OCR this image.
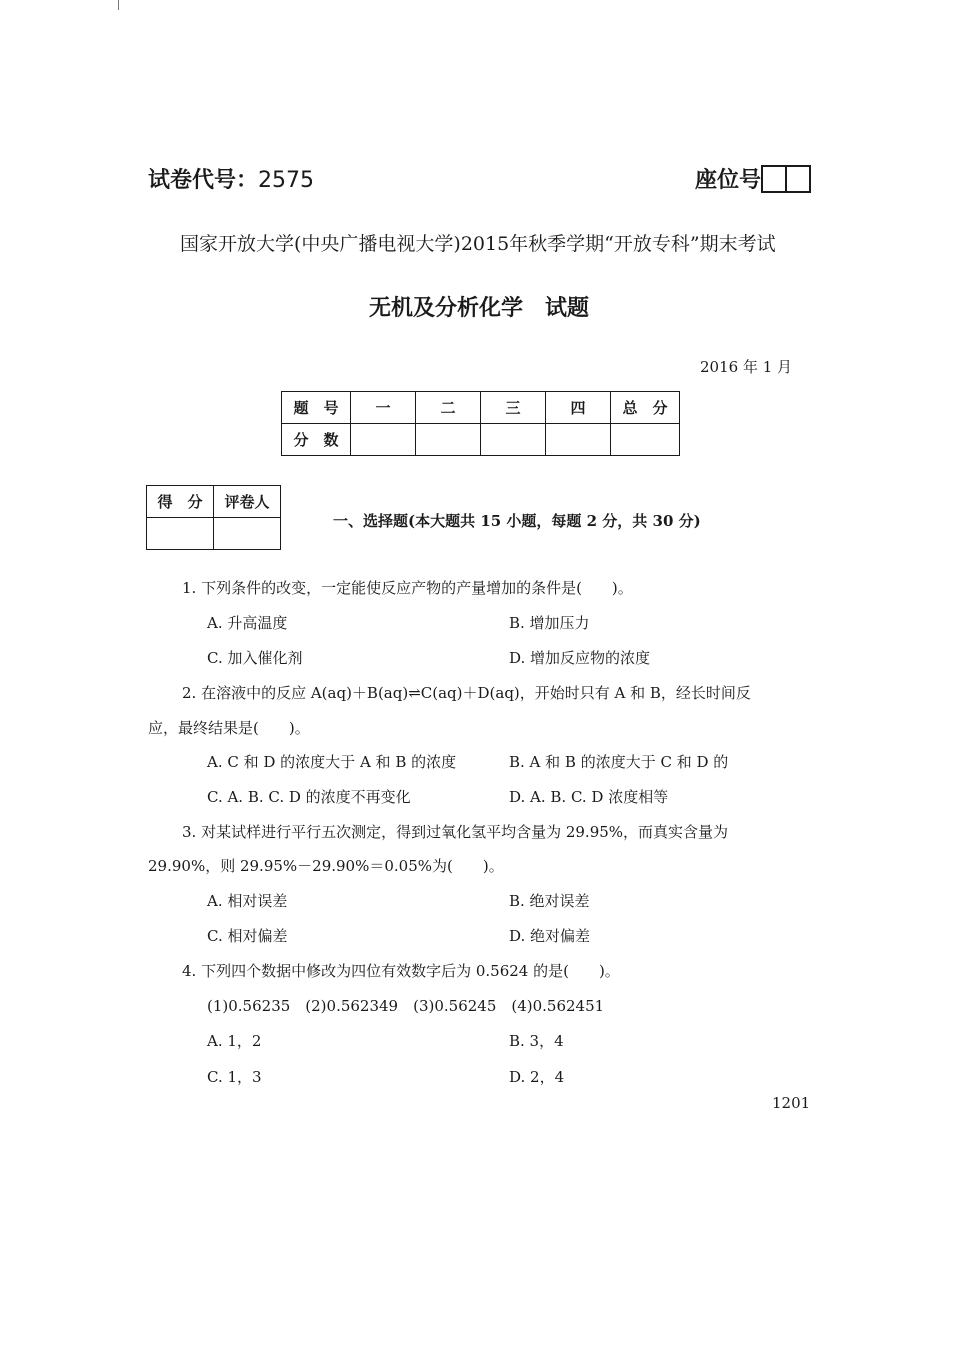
试卷代号：2575	座位号
国家开放大学(中央广播电视大学)2015年秋季学期“开放专科”期末考试
无机及分析化学　试题
2016 年 1 月
题　号	一	二	三	四	总　分
分　数					
得　分	评卷人

一、选择题(本大题共 15 小题，每题 2 分，共 30 分)
1. 下列条件的改变，一定能使反应产物的产量增加的条件是(　　)。
A. 升高温度	B. 增加压力
C. 加入催化剂	D. 增加反应物的浓度
2. 在溶液中的反应 A(aq)＋B(aq)⇌C(aq)＋D(aq)，开始时只有 A 和 B，经长时间反
应，最终结果是(　　)。
A. C 和 D 的浓度大于 A 和 B 的浓度	B. A 和 B 的浓度大于 C 和 D 的
C. A. B. C. D 的浓度不再变化	D. A. B. C. D 浓度相等
3. 对某试样进行平行五次测定，得到过氧化氢平均含量为 29.95%，而真实含量为
29.90%，则 29.95%－29.90%＝0.05%为(　　)。
A. 相对误差	B. 绝对误差
C. 相对偏差	D. 绝对偏差
4. 下列四个数据中修改为四位有效数字后为 0.5624 的是(　　)。
(1)0.56235　(2)0.562349　(3)0.56245　(4)0.562451
A. 1，2	B. 3，4
C. 1，3	D. 2，4
1201
